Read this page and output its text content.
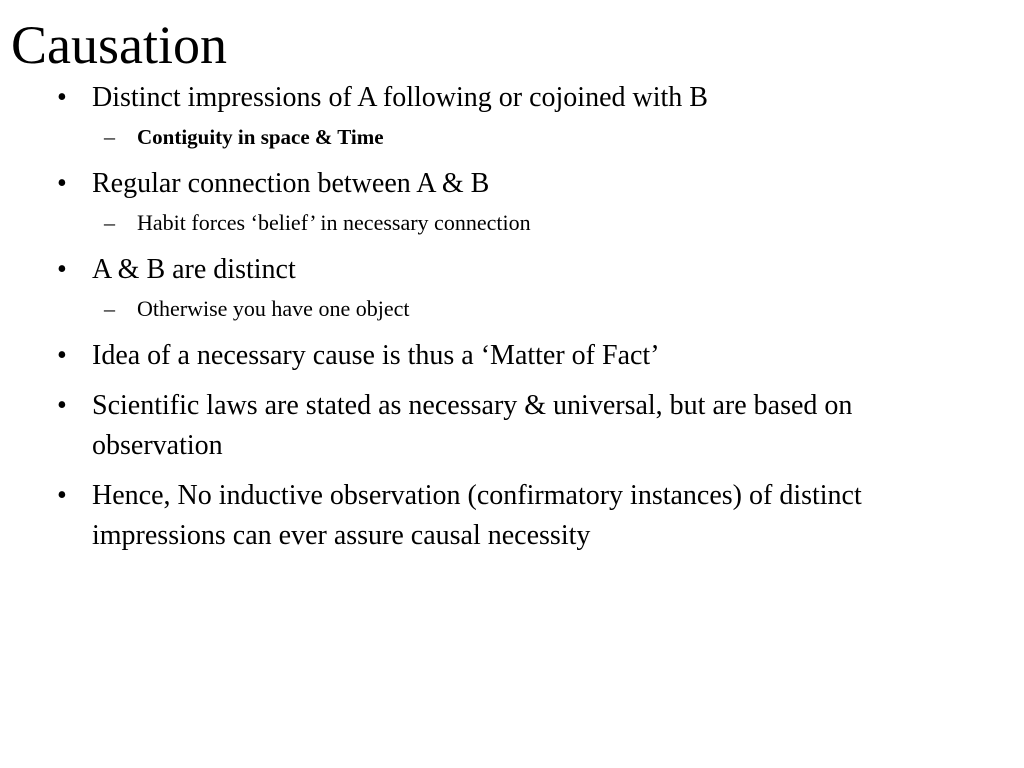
Causation
• Distinct impressions of A following or cojoined with B
– Contiguity in space & Time
• Regular connection between A & B
– Habit forces ‘belief’ in necessary connection
• A & B are distinct
– Otherwise you have one object
• Idea of a necessary cause is thus a ‘Matter of Fact’
• Scientific laws are stated as necessary & universal, but are based on observation
• Hence, No inductive observation (confirmatory instances) of distinct impressions can ever assure causal necessity
